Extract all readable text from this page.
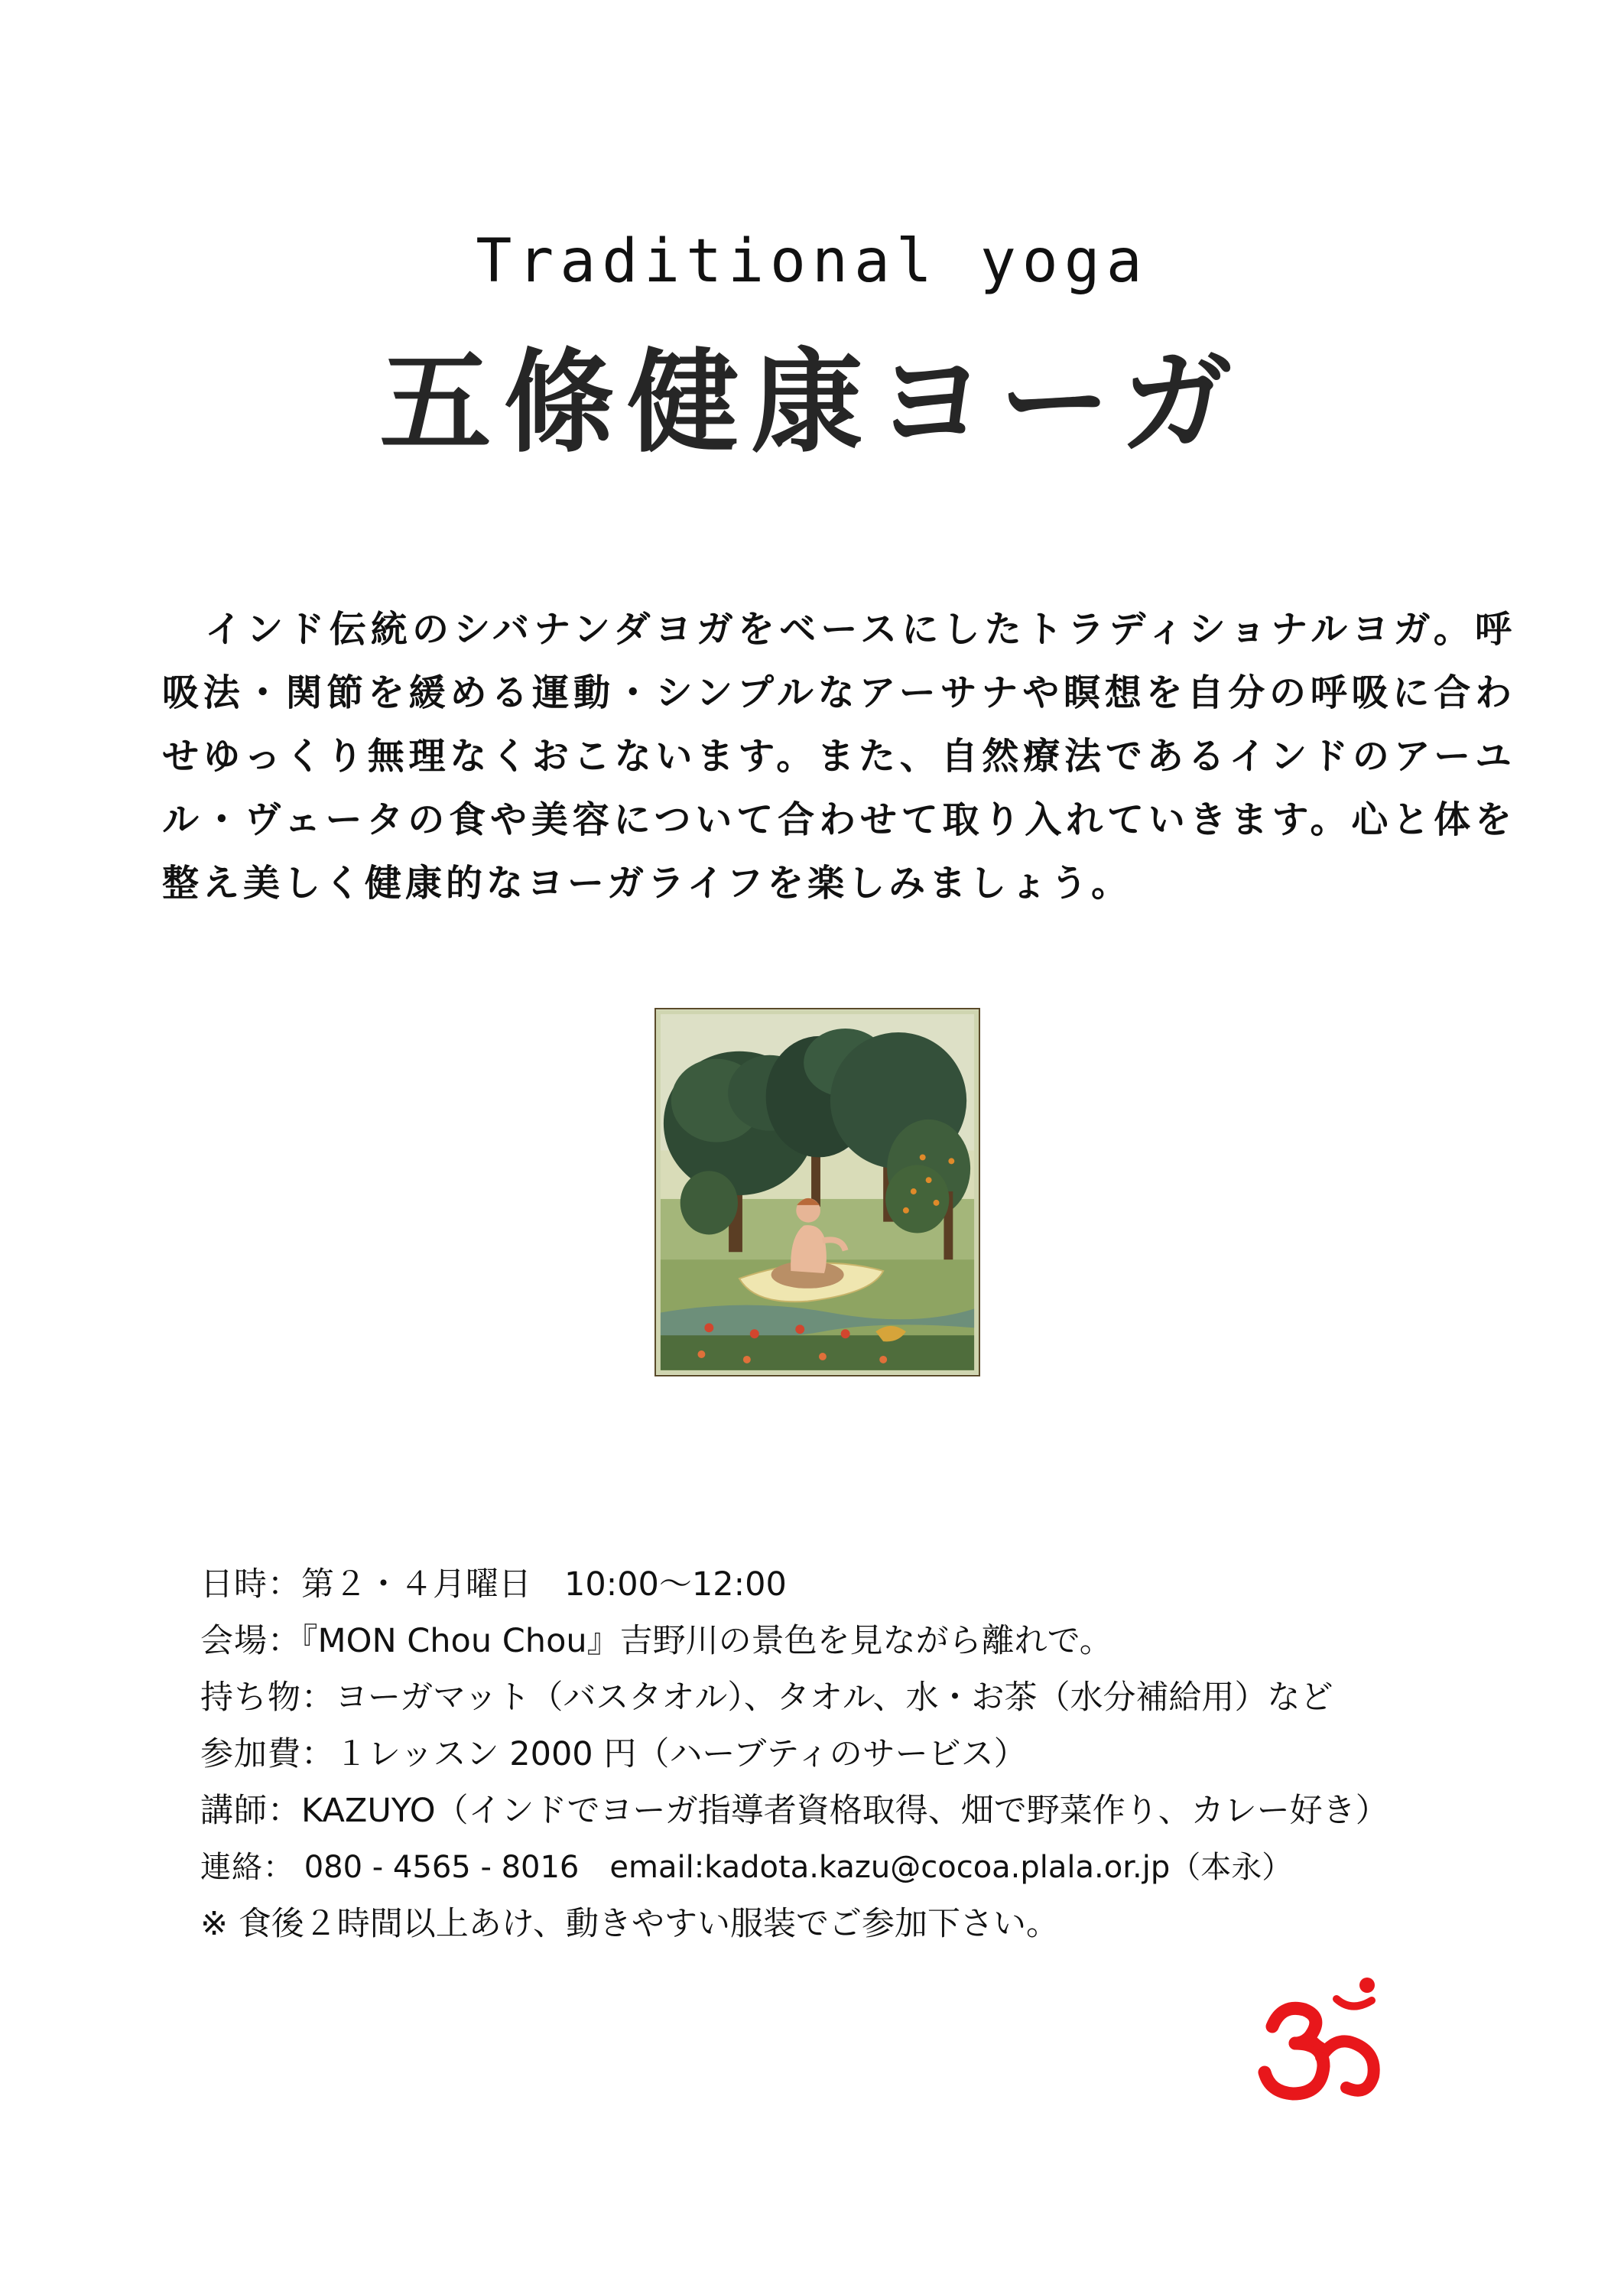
Traditional yoga
五條健康ヨーガ

インド伝統のシバナンダヨガをベースにしたトラディショナルヨガ。呼吸法・関節を緩める運動・シンプルなアーサナや瞑想を自分の呼吸に合わせゆっくり無理なくおこないます。また、自然療法であるインドのアーユル・ヴェータの食や美容について合わせて取り入れていきます。心と体を整え美しく健康的なヨーガライフを楽しみましょう。

日時：第２・４月曜日　10:00〜12:00
会場：『MON Chou Chou』吉野川の景色を見ながら離れで。
持ち物：ヨーガマット（バスタオル）、タオル、水・お茶（水分補給用）など
参加費：１レッスン 2000 円（ハーブティのサービス）
講師：KAZUYO（インドでヨーガ指導者資格取得、畑で野菜作り、カレー好き）
連絡： 080 - 4565 - 8016　email:kadota.kazu@cocoa.plala.or.jp（本永）
※ 食後２時間以上あけ、動きやすい服装でご参加下さい。
